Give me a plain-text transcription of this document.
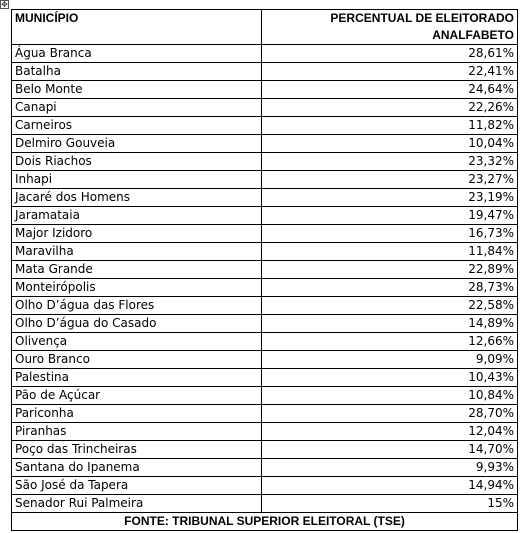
✥
MUNICÍPIO	PERCENTUAL DE ELEITORADO
ANALFABETO

Água Branca	28,61%
Batalha	22,41%
Belo Monte	24,64%
Canapi	22,26%
Carneiros	11,82%
Delmiro Gouveia	10,04%
Dois Riachos	23,32%
Inhapi	23,27%
Jacaré dos Homens	23,19%
Jaramataia	19,47%
Major Izidoro	16,73%
Maravilha	11,84%
Mata Grande	22,89%
Monteirópolis	28,73%
Olho D’água das Flores	22,58%
Olho D’água do Casado	14,89%
Olivença	12,66%
Ouro Branco	9,09%
Palestina	10,43%
Pão de Açúcar	10,84%
Pariconha	28,70%
Piranhas	12,04%
Poço das Trincheiras	14,70%
Santana do Ipanema	9,93%
São José da Tapera	14,94%
Senador Rui Palmeira	15%
FONTE: TRIBUNAL SUPERIOR ELEITORAL (TSE)	
